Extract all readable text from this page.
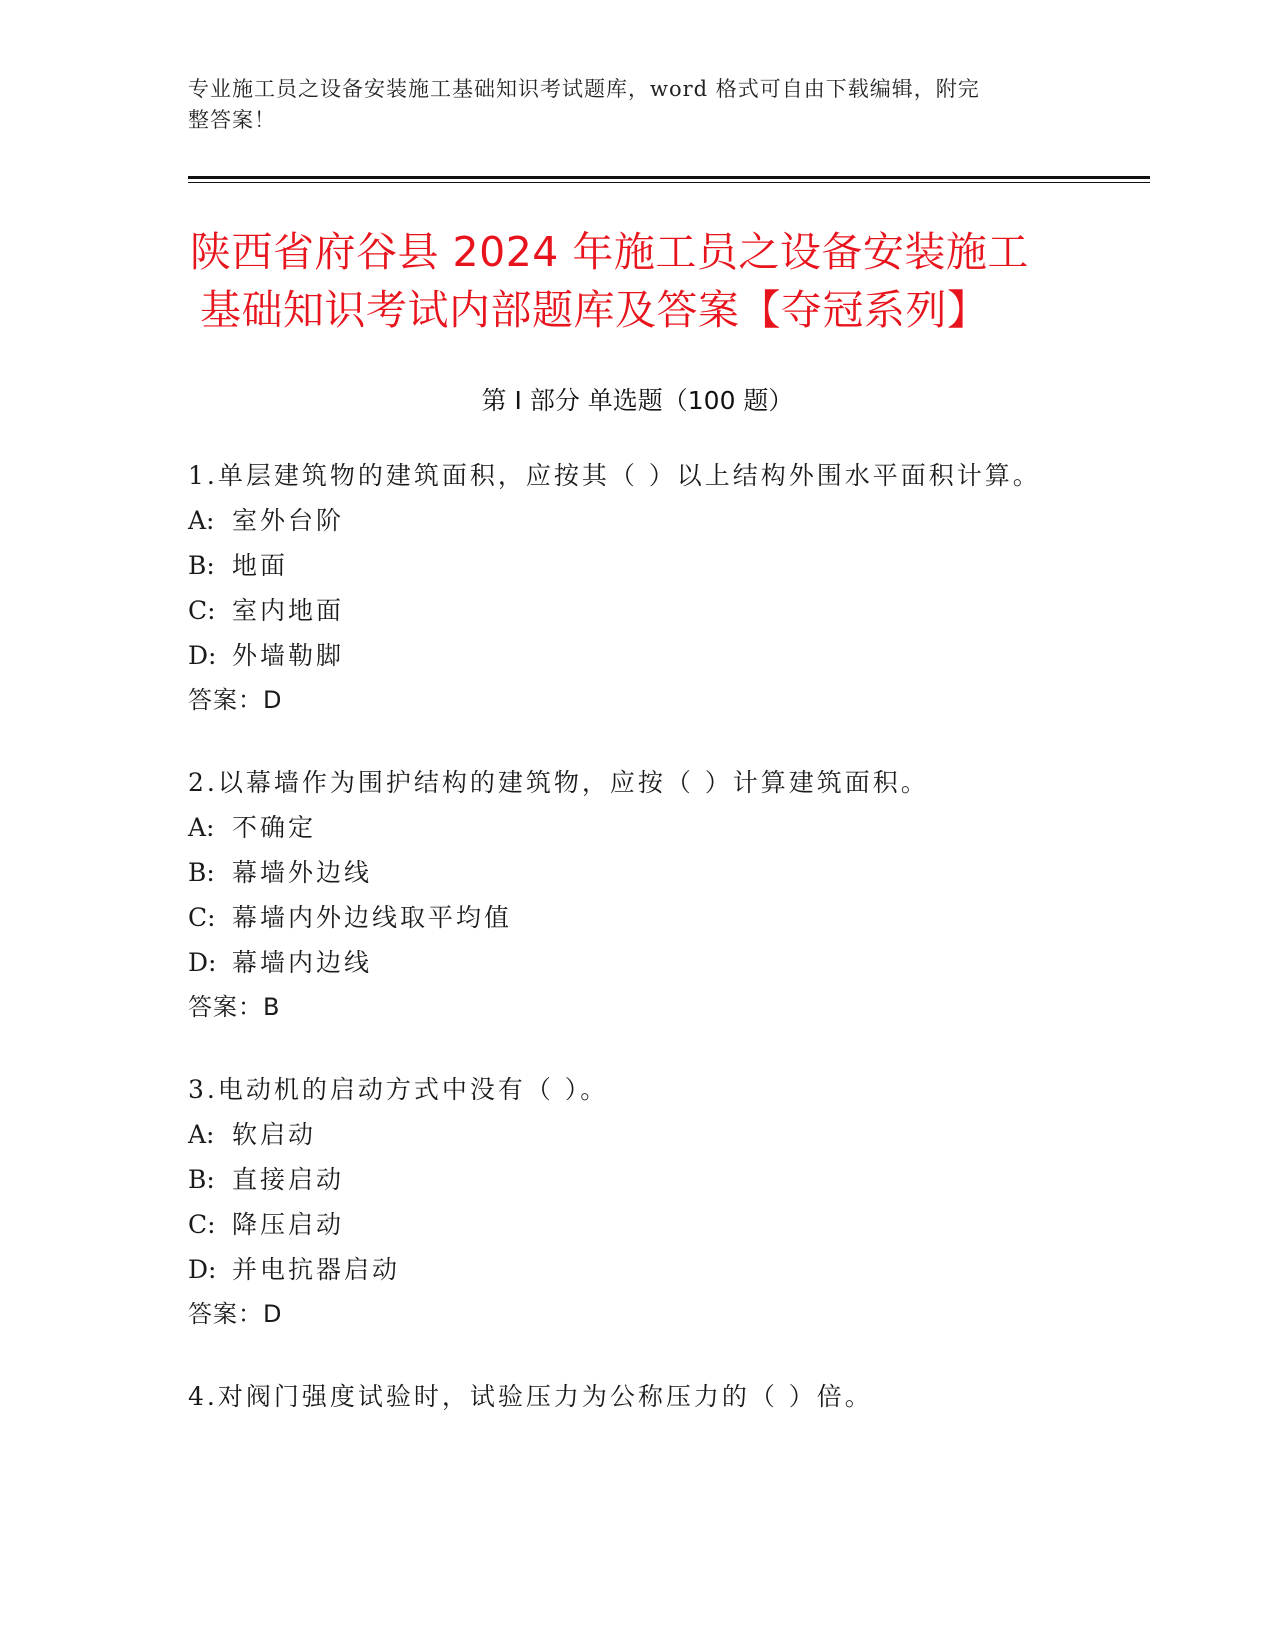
专业施工员之设备安装施工基础知识考试题库，word 格式可自由下载编辑，附完
整答案！
陕西省府谷县 2024 年施工员之设备安装施工
基础知识考试内部题库及答案【夺冠系列】
第 I 部分 单选题（100 题）
1.单层建筑物的建筑面积，应按其（ ）以上结构外围水平面积计算。
A: 室外台阶
B: 地面
C: 室内地面
D: 外墙勒脚
答案：D
2.以幕墙作为围护结构的建筑物，应按（ ）计算建筑面积。
A: 不确定
B: 幕墙外边线
C: 幕墙内外边线取平均值
D: 幕墙内边线
答案：B
3.电动机的启动方式中没有（ ）。
A: 软启动
B: 直接启动
C: 降压启动
D: 并电抗器启动
答案：D
4.对阀门强度试验时，试验压力为公称压力的（ ）倍。
